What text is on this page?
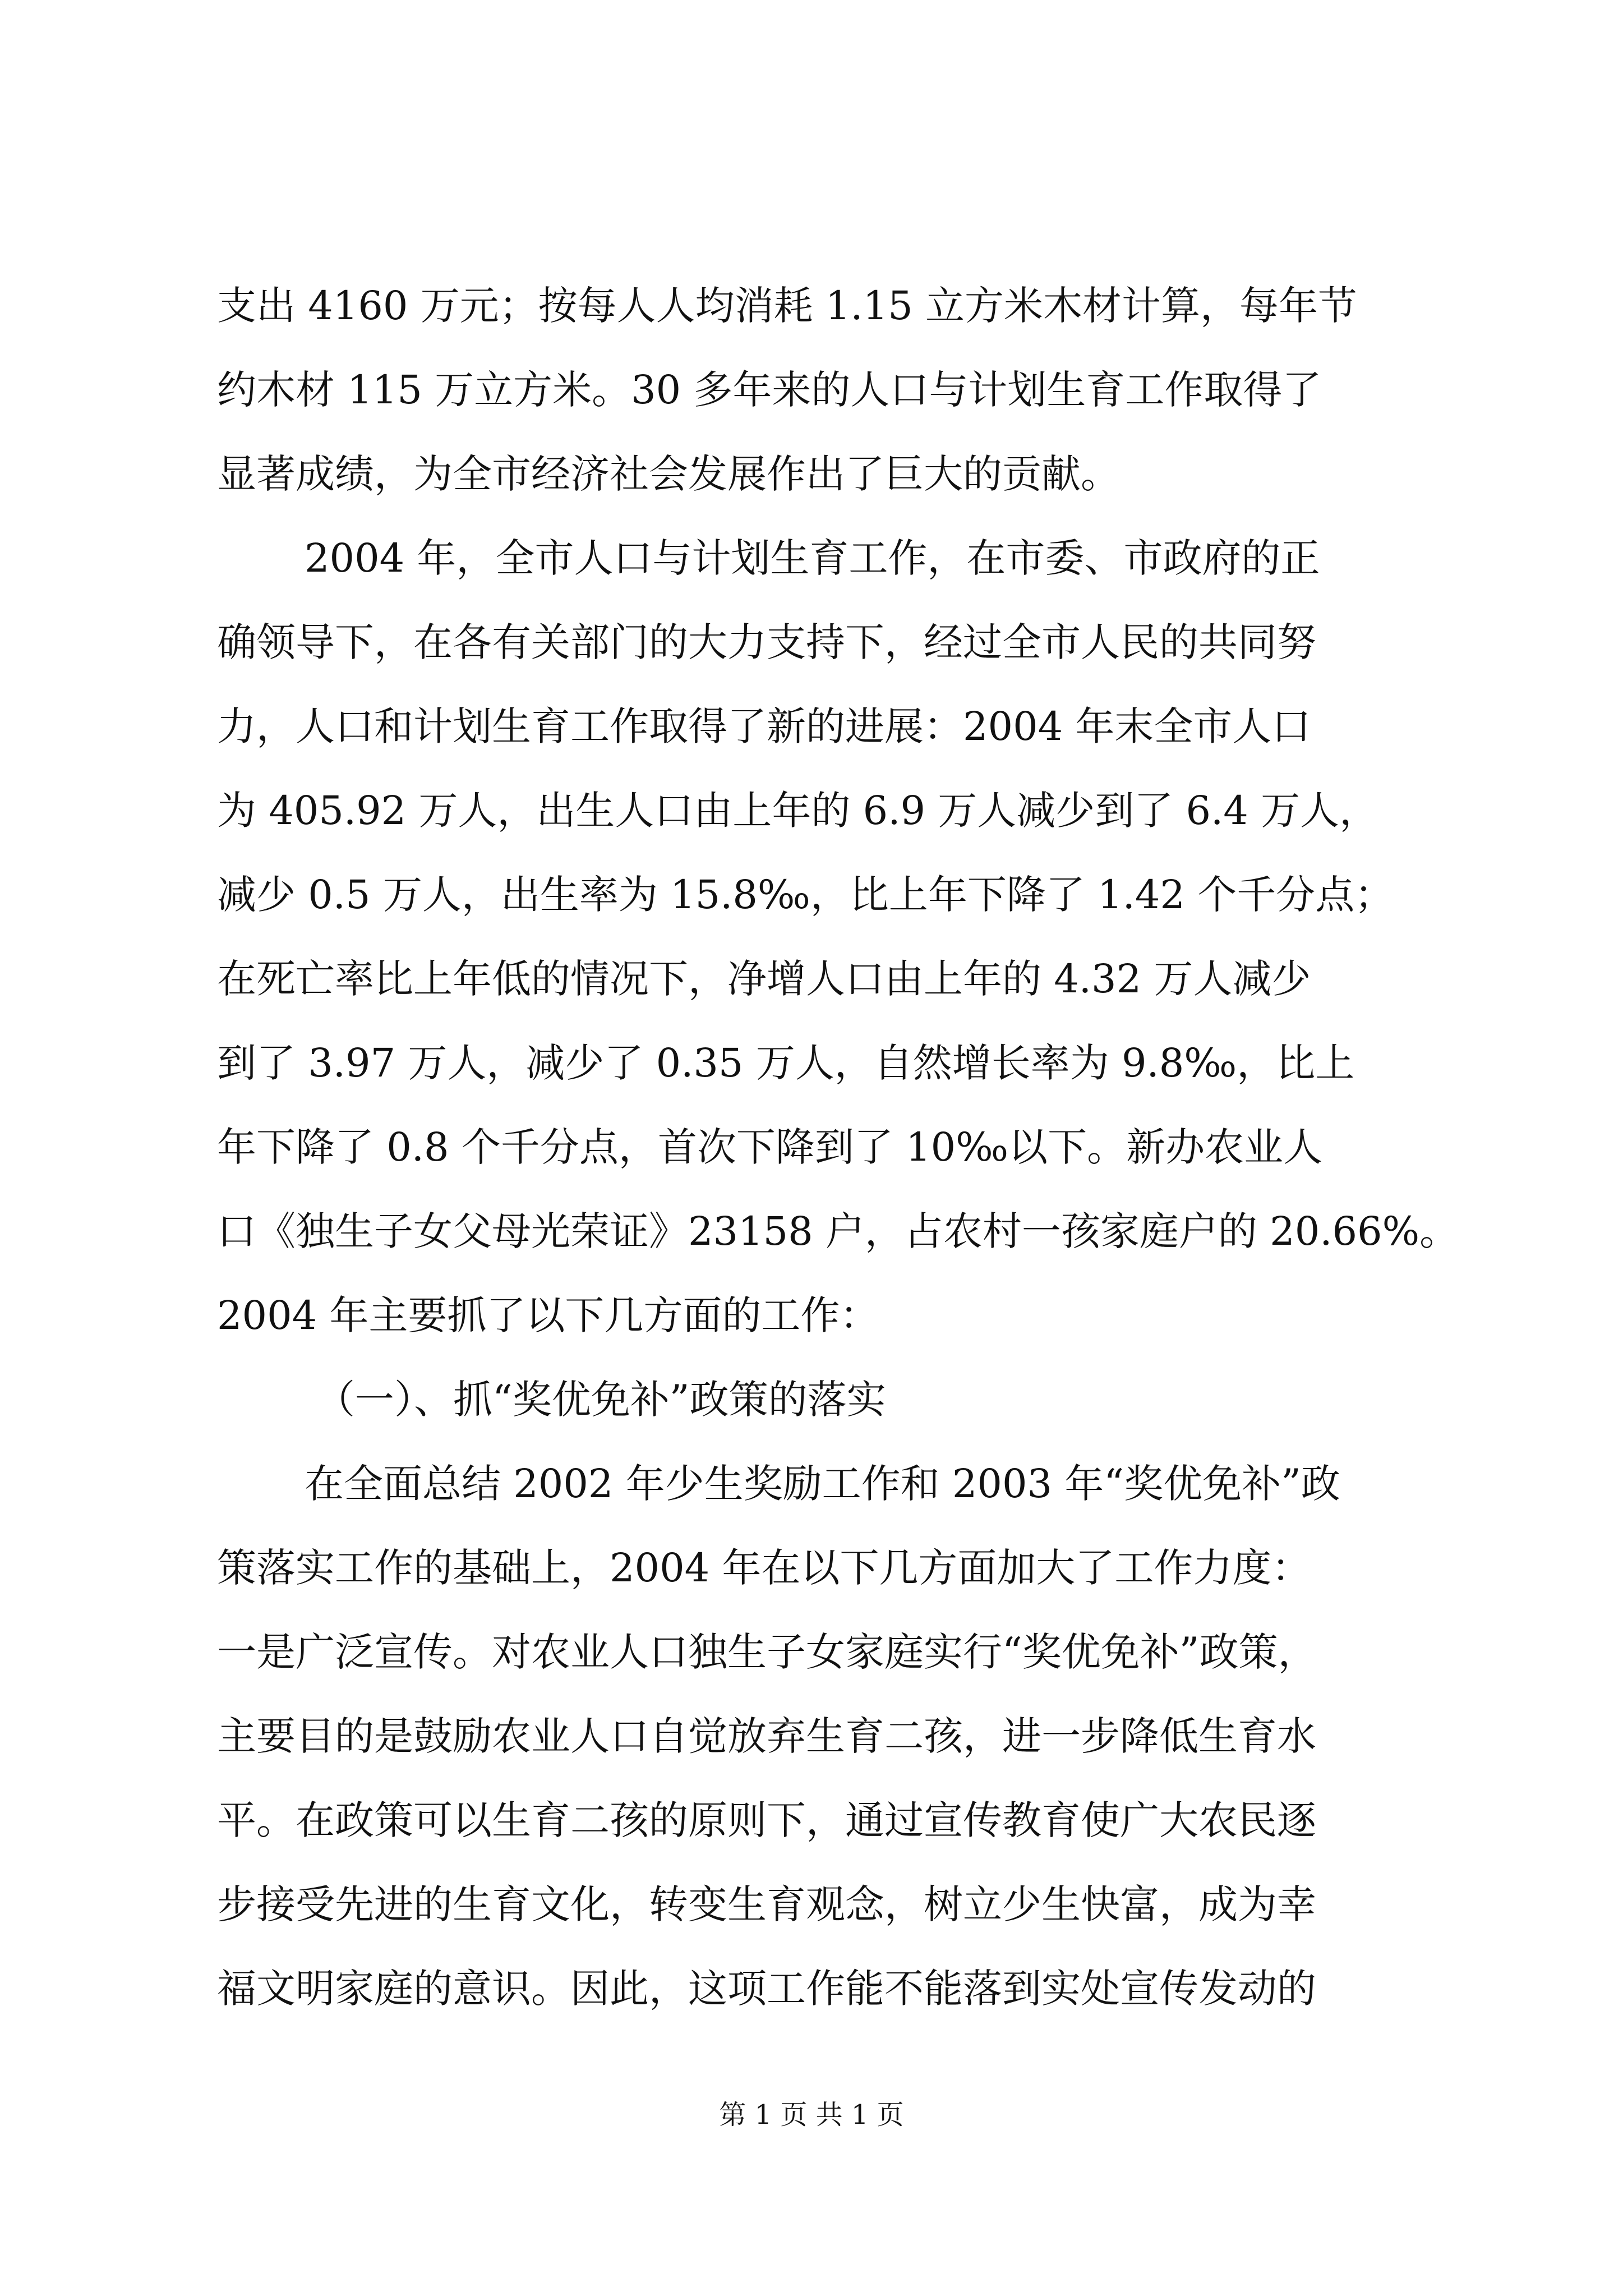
支出 4160 万元；按每人人均消耗 1.15 立方米木材计算，每年节
约木材 115 万立方米。30 多年来的人口与计划生育工作取得了
显著成绩，为全市经济社会发展作出了巨大的贡献。
2004 年，全市人口与计划生育工作，在市委、市政府的正
确领导下，在各有关部门的大力支持下，经过全市人民的共同努
力，人口和计划生育工作取得了新的进展：2004 年末全市人口
为 405.92 万人，出生人口由上年的 6.9 万人减少到了 6.4 万人，
减少 0.5 万人，出生率为 15.8‰，比上年下降了 1.42 个千分点；
在死亡率比上年低的情况下，净增人口由上年的 4.32 万人减少
到了 3.97 万人，减少了 0.35 万人，自然增长率为 9.8‰，比上
年下降了 0.8 个千分点，首次下降到了 10‰以下。新办农业人
口《独生子女父母光荣证》23158 户，占农村一孩家庭户的 20.66%。
2004 年主要抓了以下几方面的工作：
（一）、抓“奖优免补”政策的落实
在全面总结 2002 年少生奖励工作和 2003 年“奖优免补”政
策落实工作的基础上，2004 年在以下几方面加大了工作力度：
一是广泛宣传。对农业人口独生子女家庭实行“奖优免补”政策，
主要目的是鼓励农业人口自觉放弃生育二孩，进一步降低生育水
平。在政策可以生育二孩的原则下，通过宣传教育使广大农民逐
步接受先进的生育文化，转变生育观念，树立少生快富，成为幸
福文明家庭的意识。因此，这项工作能不能落到实处宣传发动的
第 1 页 共 1 页
